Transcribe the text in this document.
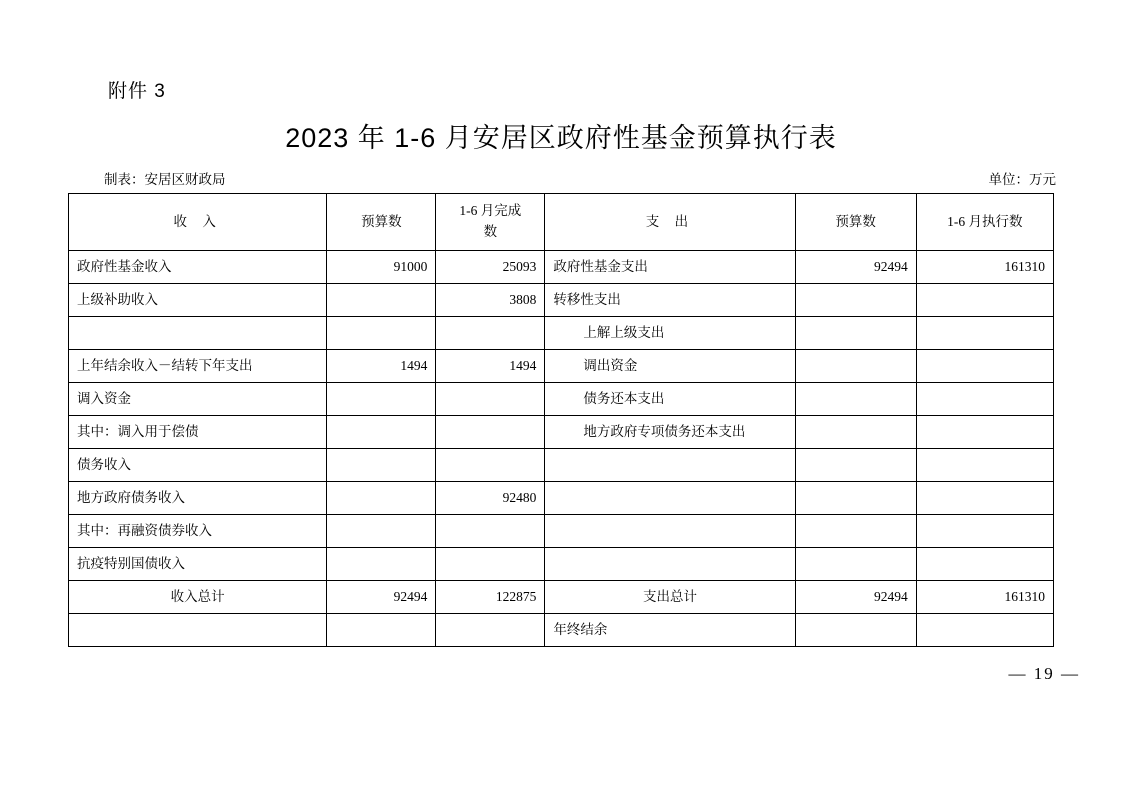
附件 3
2023 年 1-6 月安居区政府性基金预算执行表
制表：安居区财政局	单位：万元
收 入	预算数	1-6 月完成
数	支 出	预算数	1-6 月执行数
政府性基金收入	91000	25093	政府性基金支出	92494	161310
上级补助收入		3808	转移性支出		
			上解上级支出		
上年结余收入－结转下年支出	1494	1494	调出资金		
调入资金			债务还本支出		
其中：调入用于偿债			地方政府专项债务还本支出		
债务收入					
地方政府债务收入		92480			
其中：再融资债券收入					
抗疫特别国债收入					
收入总计	92494	122875	支出总计	92494	161310
			年终结余		
— 19 —
